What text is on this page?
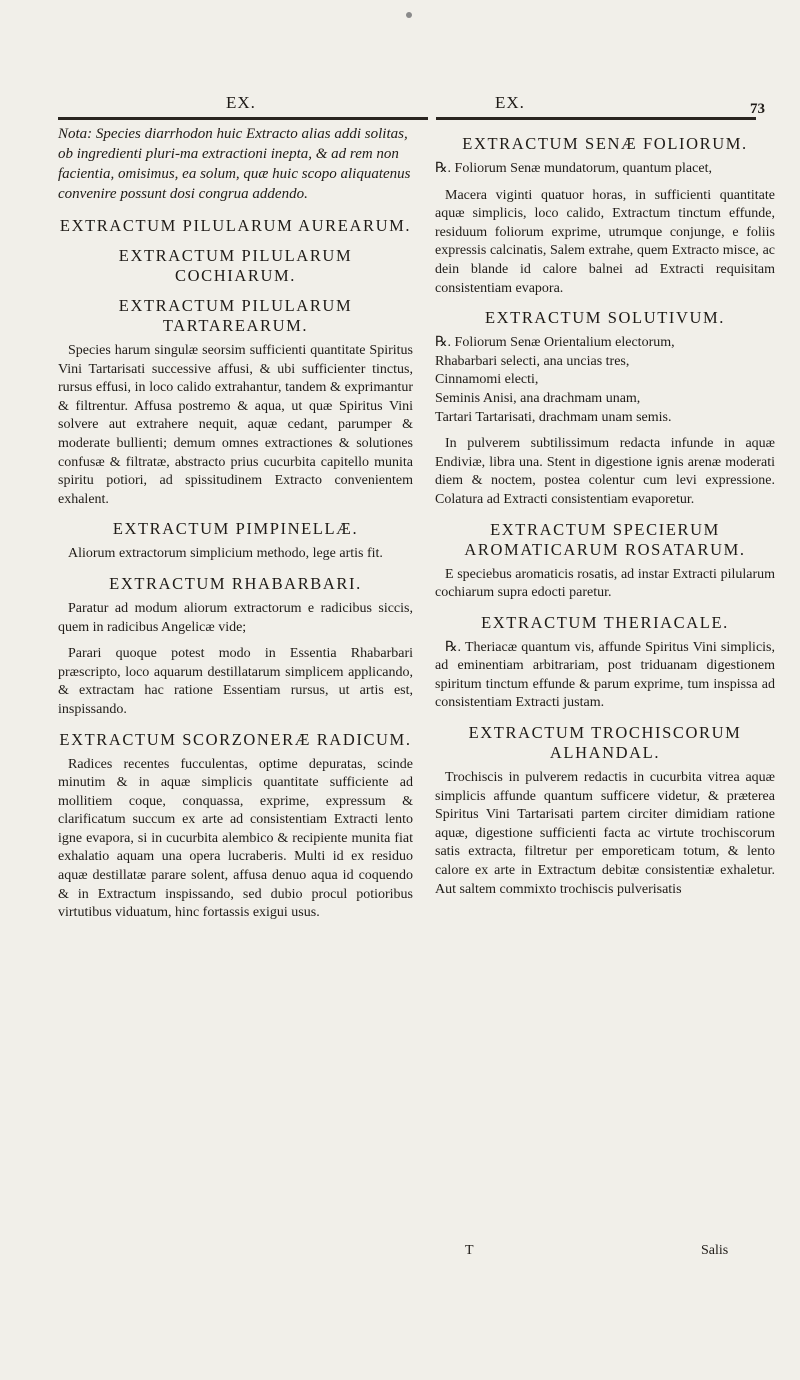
EX.	EX.	73
Nota: Species diarrhodon huic Extracto alias addi solitas, ob ingredienti pluri-ma extractioni inepta, & ad rem non facientia, omisimus, ea solum, quæ huic scopo aliquatenus convenire possunt dosi congrua addendo.
EXTRACTUM PILULARUM AUREARUM.
EXTRACTUM PILULARUM COCHIARUM.
EXTRACTUM PILULARUM TARTAREARUM.

Species harum singulæ seorsim sufficienti quantitate Spiritus Vini Tartarisati successive affusi, & ubi sufficienter tinctus, rursus effusi, in loco calido extrahantur, tandem & exprimantur & filtrentur. Affusa postremo & aqua, ut quæ Spiritus Vini solvere aut extrahere nequit, aquæ cedant, parumper & moderate bullienti; demum omnes extractiones & solutiones confusæ & filtratæ, abstracto prius cucurbita capitello munita spiritu potiori, ad spissitudinem Extracto convenientem exhalent.

EXTRACTUM PIMPINELLÆ.

Aliorum extractorum simplicium methodo, lege artis fit.

EXTRACTUM RHABARBARI.

Paratur ad modum aliorum extractorum e radicibus siccis, quem in radicibus Angelicæ vide;

Parari quoque potest modo in Essentia Rhabarbari præscripto, loco aquarum destillatarum simplicem applicando, & extractam hac ratione Essentiam rursus, ut artis est, inspissando.

EXTRACTUM SCORZONERÆ RADICUM.

Radices recentes fucculentas, optime depuratas, scinde minutim & in aquæ simplicis quantitate sufficiente ad mollitiem coque, conquassa, exprime, expressum & clarificatum succum ex arte ad consistentiam Extracti lento igne evapora, si in cucurbita alembico & recipiente munita fiat exhalatio aquam una opera lucraberis. Multi id ex residuo aquæ destillatæ parare solent, affusa denuo aqua id coquendo & in Extractum inspissando, sed dubio procul potioribus virtutibus viduatum, hinc fortassis exigui usus.

EXTRACTUM SENÆ FOLIORUM.
℞. Foliorum Senæ mundatorum, quantum placet,

Macera viginti quatuor horas, in sufficienti quantitate aquæ simplicis, loco calido, Extractum tinctum effunde, residuum foliorum exprime, utrumque conjunge, e foliis expressis calcinatis, Salem extrahe, quem Extracto misce, ac dein blande id calore balnei ad Extracti requisitam consistentiam evapora.

EXTRACTUM SOLUTIVUM.
℞. Foliorum Senæ Orientalium electorum,
Rhabarbari selecti, ana uncias tres,
Cinnamomi electi,
Seminis Anisi, ana drachmam unam,
Tartari Tartarisati, drachmam unam semis.

In pulverem subtilissimum redacta infunde in aquæ Endiviæ, libra una. Stent in digestione ignis arenæ moderati diem & noctem, postea colentur cum levi expressione. Colatura ad Extracti consistentiam evaporetur.

EXTRACTUM SPECIERUM AROMATICARUM ROSATARUM.

E speciebus aromaticis rosatis, ad instar Extracti pilularum cochiarum supra edocti paretur.

EXTRACTUM THERIACALE.

℞. Theriacæ quantum vis, affunde Spiritus Vini simplicis, ad eminentiam arbitrariam, post triduanam digestionem spiritum tinctum effunde & parum exprime, tum inspissa ad consistentiam Extracti justam.

EXTRACTUM TROCHISCORUM ALHANDAL.

Trochiscis in pulverem redactis in cucurbita vitrea aquæ simplicis affunde quantum sufficere videtur, & præterea Spiritus Vini Tartarisati partem circiter dimidiam ratione aquæ, digestione sufficienti facta ac virtute trochiscorum satis extracta, filtretur per emporeticam totum, & lento calore ex arte in Extractum debitæ consistentiæ exhaletur. Aut saltem commixto trochiscis pulverisatis

T	Salis
